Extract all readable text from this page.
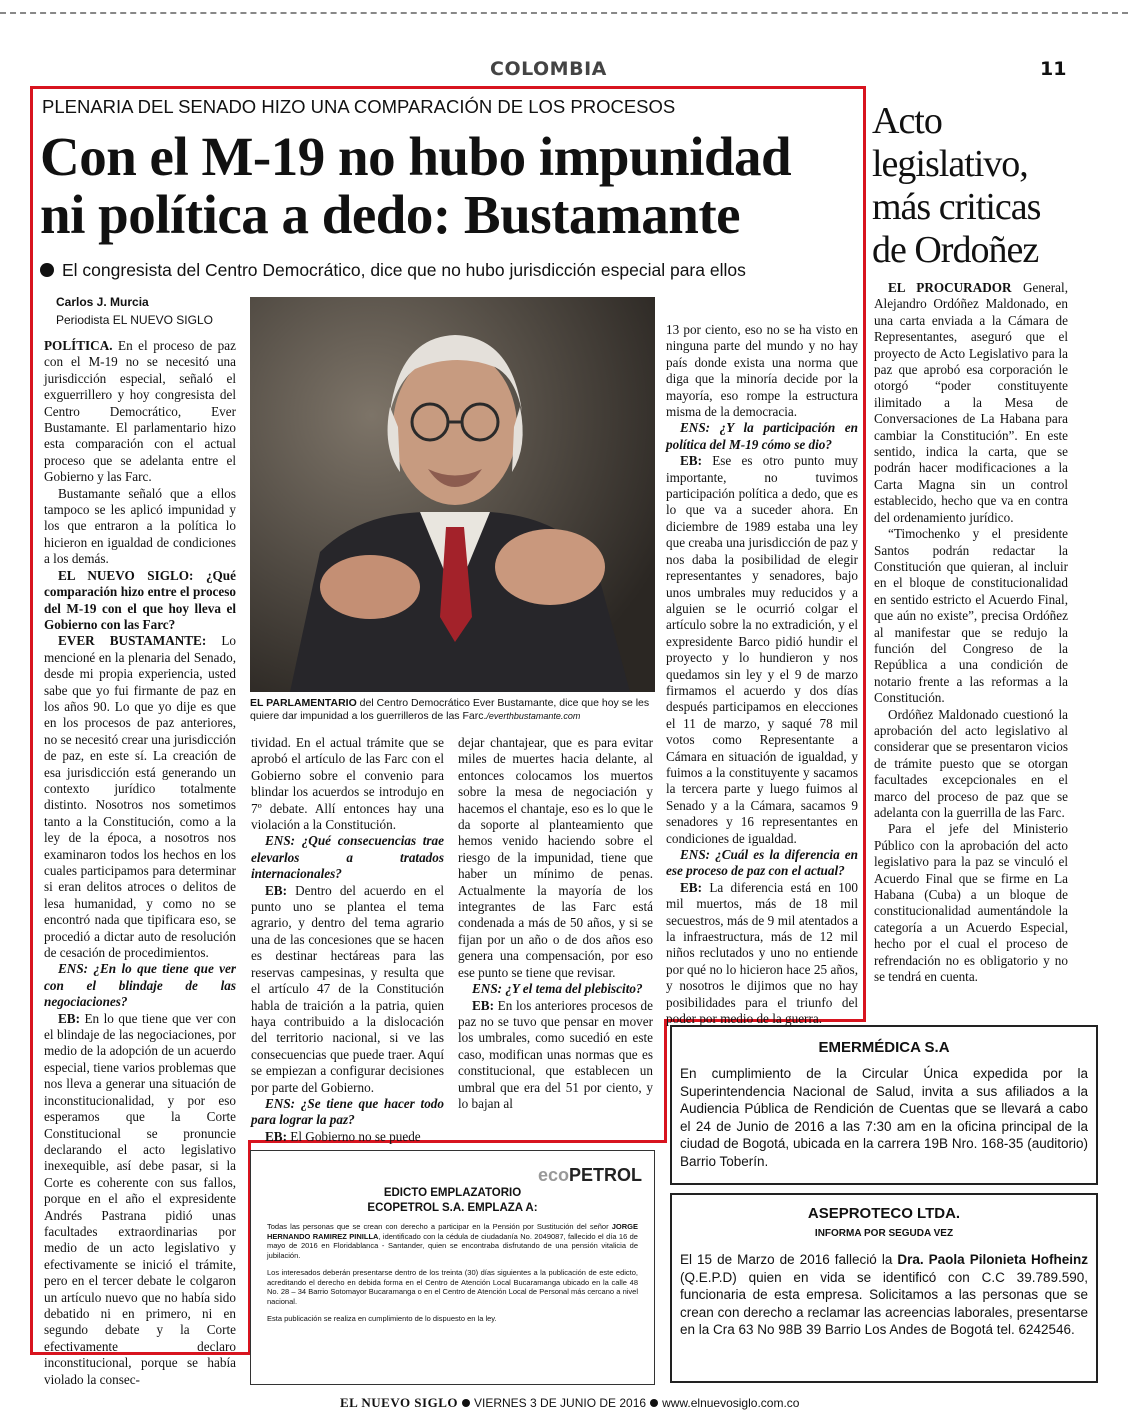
COLOMBIA	11
PLENARIA DEL SENADO HIZO UNA COMPARACIÓN DE LOS PROCESOS
Con el M-19 no hubo impunidad
ni política a dedo: Bustamante
El congresista del Centro Democrático, dice que no hubo jurisdicción especial para ellos
Carlos J. Murcia
Periodista EL NUEVO SIGLO

POLÍTICA. En el proceso de paz con el M-19 no se necesitó una jurisdicción especial, señaló el exguerrillero y hoy congresista del Centro Democrático, Ever Bustamante. El parlamentario hizo esta comparación con el actual proceso que se adelanta entre el Gobierno y las Farc.

Bustamante señaló que a ellos tampoco se les aplicó impunidad y los que entraron a la política lo hicieron en igualdad de condiciones a los demás.

EL NUEVO SIGLO: ¿Qué comparación hizo entre el proceso del M-19 con el que hoy lleva el Gobierno con las Farc?

EVER BUSTAMANTE: Lo mencioné en la plenaria del Senado, desde mi propia experiencia, usted sabe que yo fui firmante de paz en los años 90. Lo que yo dije es que en los procesos de paz anteriores, no se necesitó crear una jurisdicción de paz, en este sí. La creación de esa jurisdicción está generando un contexto jurídico totalmente distinto. Nosotros nos sometimos tanto a la Constitución, como a la ley de la época, a nosotros nos examinaron todos los hechos en los cuales participamos para determinar si eran delitos atroces o delitos de lesa humanidad, y como no se encontró nada que tipificara eso, se procedió a dictar auto de resolución de cesación de procedimientos.

ENS: ¿En lo que tiene que ver con el blindaje de las negociaciones?

EB: En lo que tiene que ver con el blindaje de las negociaciones, por medio de la adopción de un acuerdo especial, tiene varios problemas que nos lleva a generar una situación de inconstitucionalidad, y por eso esperamos que la Corte Constitucional se pronuncie declarando el acto legislativo inexequible, así debe pasar, si la Corte es coherente con sus fallos, porque en el año el expresidente Andrés Pastrana pidió unas facultades extraordinarias por medio de un acto legislativo y efectivamente se inició el trámite, pero en el tercer debate le colgaron un artículo nuevo que no había sido debatido ni en primero, ni en segundo debate y la Corte efectivamente declaro inconstitucional, porque se había violado la consec-

EL PARLAMENTARIO del Centro Democrático Ever Bustamante, dice que hoy se les quiere dar impunidad a los guerrilleros de las Farc./everthbustamante.com

tividad. En el actual trámite que se aprobó el artículo de las Farc con el Gobierno sobre el convenio para blindar los acuerdos se introdujo en 7º debate. Allí entonces hay una violación a la Constitución.

ENS: ¿Qué consecuencias trae elevarlos a tratados internacionales?

EB: Dentro del acuerdo en el punto uno se plantea el tema agrario, y dentro del tema agrario una de las concesiones que se hacen es destinar hectáreas para las reservas campesinas, y resulta que el artículo 47 de la Constitución habla de traición a la patria, quien haya contribuido a la dislocación del territorio nacional, si ve las consecuencias que puede traer. Aquí se empiezan a configurar decisiones por parte del Gobierno.

ENS: ¿Se tiene que hacer todo para lograr la paz?

EB: El Gobierno no se puede

dejar chantajear, que es para evitar miles de muertes hacia delante, al entonces colocamos los muertos sobre la mesa de negociación y hacemos el chantaje, eso es lo que le da soporte al planteamiento que hemos venido haciendo sobre el riesgo de la impunidad, tiene que haber un mínimo de penas. Actualmente la mayoría de los integrantes de las Farc está condenada a más de 50 años, y si se fijan por un año o de dos años eso genera una compensación, por eso ese punto se tiene que revisar.

ENS: ¿Y el tema del plebiscito?

EB: En los anteriores procesos de paz no se tuvo que pensar en mover los umbrales, como sucedió en este caso, modifican unas normas que es constitucional, que establecen un umbral que era del 51 por ciento, y lo bajan al

13 por ciento, eso no se ha visto en ninguna parte del mundo y no hay país donde exista una norma que diga que la minoría decide por la mayoría, eso rompe la estructura misma de la democracia.

ENS: ¿Y la participación en política del M-19 cómo se dio?

EB: Ese es otro punto muy importante, no tuvimos participación política a dedo, que es lo que va a suceder ahora. En diciembre de 1989 estaba una ley que creaba una jurisdicción de paz y nos daba la posibilidad de elegir representantes y senadores, bajo unos umbrales muy reducidos y a alguien se le ocurrió colgar el artículo sobre la no extradición, y el expresidente Barco pidió hundir el proyecto y lo hundieron y nos quedamos sin ley y el 9 de marzo firmamos el acuerdo y dos días después participamos en elecciones el 11 de marzo, y saqué 78 mil votos como Representante a Cámara en situación de igualdad, y fuimos a la constituyente y sacamos la tercera parte y luego fuimos al Senado y a la Cámara, sacamos 9 senadores y 16 representantes en condiciones de igualdad.

ENS: ¿Cuál es la diferencia en ese proceso de paz con el actual?

EB: La diferencia está en 100 mil muertos, más de 18 mil secuestros, más de 9 mil atentados a la infraestructura, más de 12 mil niños reclutados y uno no entiende por qué no lo hicieron hace 25 años, y nosotros le dijimos que no hay posibilidades para el triunfo del poder por medio de la guerra.

Acto legislativo, más criticas de Ordoñez

EL PROCURADOR General, Alejandro Ordóñez Maldonado, en una carta enviada a la Cámara de Representantes, aseguró que el proyecto de Acto Legislativo para la paz que aprobó esa corporación le otorgó “poder constituyente ilimitado a la Mesa de Conversaciones de La Habana para cambiar la Constitución”. En este sentido, indica la carta, que se podrán hacer modificaciones a la Carta Magna sin un control establecido, hecho que va en contra del ordenamiento jurídico.

“Timochenko y el presidente Santos podrán redactar la Constitución que quieran, al incluir en el bloque de constitucionalidad en sentido estricto el Acuerdo Final, que aún no existe”, precisa Ordóñez al manifestar que se redujo la función del Congreso de la República a una condición de notario frente a las reformas a la Constitución.

Ordóñez Maldonado cuestionó la aprobación del acto legislativo al considerar que se presentaron vicios de trámite puesto que se otorgan facultades excepcionales en el marco del proceso de paz que se adelanta con la guerrilla de las Farc.

Para el jefe del Ministerio Público con la aprobación del acto legislativo para la paz se vinculó el Acuerdo Final que se firme en La Habana (Cuba) a un bloque de constitucionalidad aumentándole la categoría a un Acuerdo Especial, hecho por el cual el proceso de refrendación no es obligatorio y no se tendrá en cuenta.

EMERMÉDICA S.A
En cumplimiento de la Circular Única expedida por la Superintendencia Nacional de Salud, invita a sus afiliados a la Audiencia Pública de Rendición de Cuentas que se llevará a cabo el 24 de Junio de 2016 a las 7:30 am en la oficina principal de la ciudad de Bogotá, ubicada en la carrera 19B Nro. 168-35 (auditorio) Barrio Toberín.
ASEPROTECO LTDA.
INFORMA POR SEGUDA VEZ
El 15 de Marzo de 2016 falleció la Dra. Paola Pilonieta Hofheinz (Q.E.P.D) quien en vida se identificó con C.C 39.789.590, funcionaria de esta empresa. Solicitamos a las personas que se crean con derecho a reclamar las acreencias laborales, presentarse en la Cra 63 No 98B 39 Barrio Los Andes de Bogotá tel. 6242546.
ecoPETROL
EDICTO EMPLAZATORIO
ECOPETROL S.A. EMPLAZA A:

Todas las personas que se crean con derecho a participar en la Pensión por Sustitución del señor JORGE HERNANDO RAMIREZ PINILLA, identificado con la cédula de ciudadanía No. 2049087, fallecido el día 16 de mayo de 2016 en Floridablanca - Santander, quien se encontraba disfrutando de una pensión vitalicia de jubilación.

Los interesados deberán presentarse dentro de los treinta (30) días siguientes a la publicación de este edicto, acreditando el derecho en debida forma en el Centro de Atención Local Bucaramanga ubicado en la calle 48 No. 28 – 34 Barrio Sotomayor Bucaramanga o en el Centro de Atención Local de Personal más cercano a nivel nacional.

Esta publicación se realiza en cumplimiento de lo dispuesto en la ley.

EL NUEVO SIGLO VIERNES 3 DE JUNIO DE 2016 www.elnuevosiglo.com.co
